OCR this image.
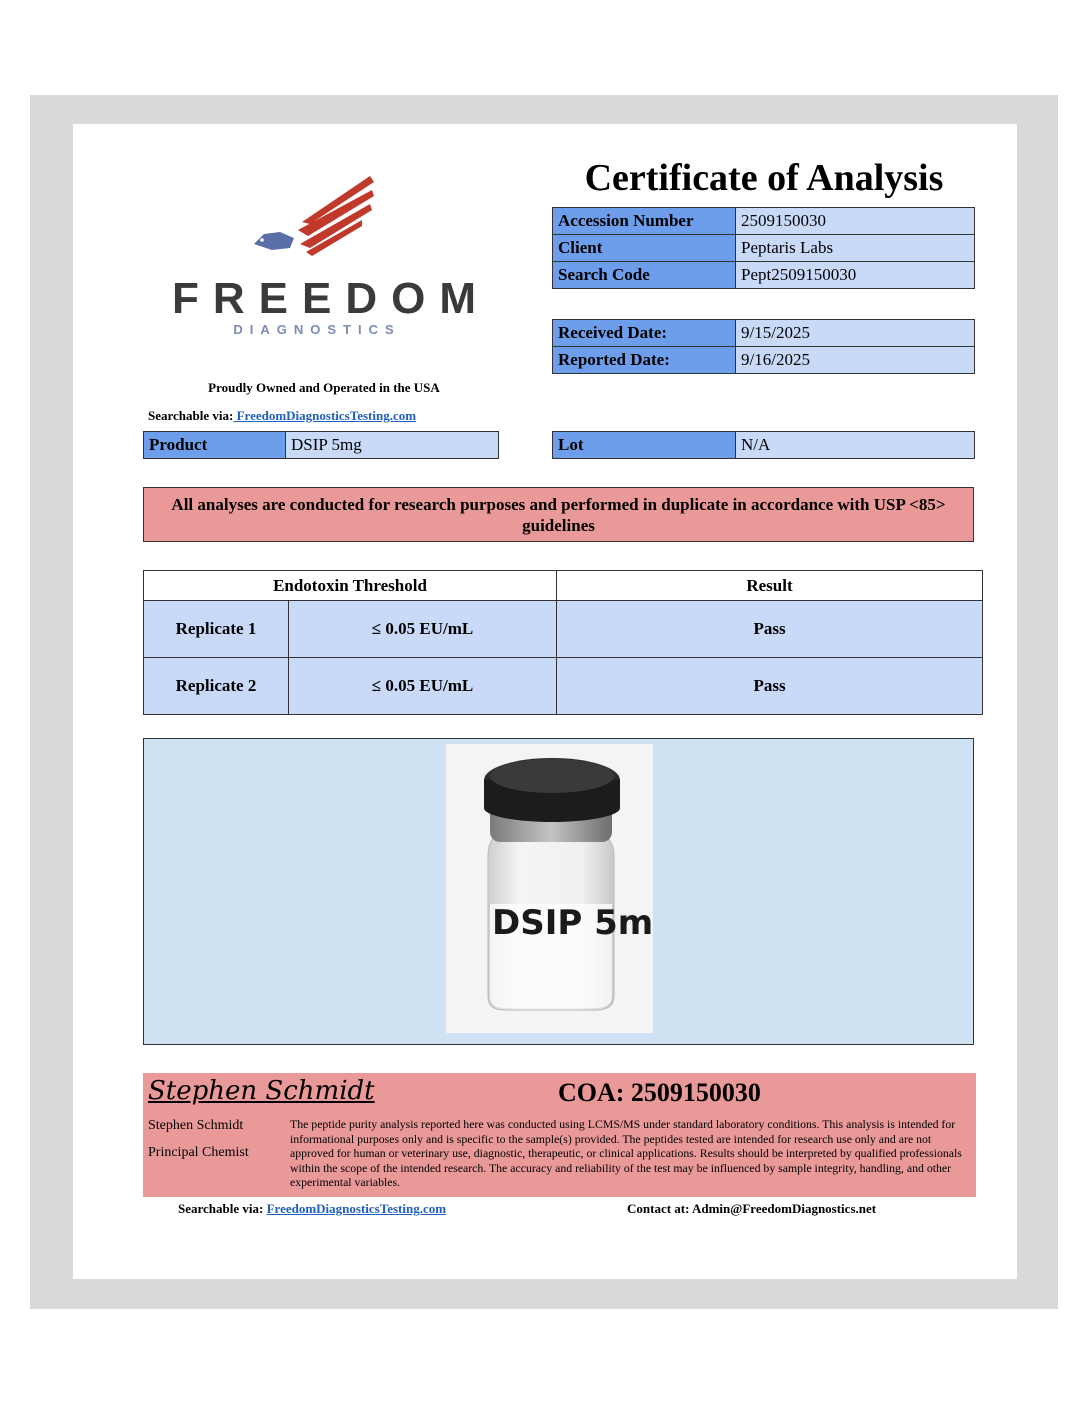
FREEDOM
DIAGNOSTICS
Proudly Owned and Operated in the USA
Searchable via: FreedomDiagnosticsTesting.com
Certificate of Analysis
Accession Number	2509150030
Client	Peptaris Labs
Search Code	Pept2509150030
Received Date:	9/15/2025
Reported Date:	9/16/2025
Product	DSIP 5mg	Lot	N/A
All analyses are conducted for research purposes and performed in duplicate in accordance with USP <85> guidelines
Endotoxin Threshold		Result
Replicate 1	≤ 0.05 EU/mL	Pass
Replicate 2	≤ 0.05 EU/mL	Pass
DSIP 5m
Stephen Schmidt	COA: 2509150030
Stephen Schmidt
Principal Chemist
The peptide purity analysis reported here was conducted using LCMS/MS under standard laboratory conditions. This analysis is intended for informational purposes only and is specific to the sample(s) provided. The peptides tested are intended for research use only and are not approved for human or veterinary use, diagnostic, therapeutic, or clinical applications. Results should be interpreted by qualified professionals within the scope of the intended research. The accuracy and reliability of the test may be influenced by sample integrity, handling, and other experimental variables.
Searchable via: FreedomDiagnosticsTesting.com	Contact at: Admin@FreedomDiagnostics.net
